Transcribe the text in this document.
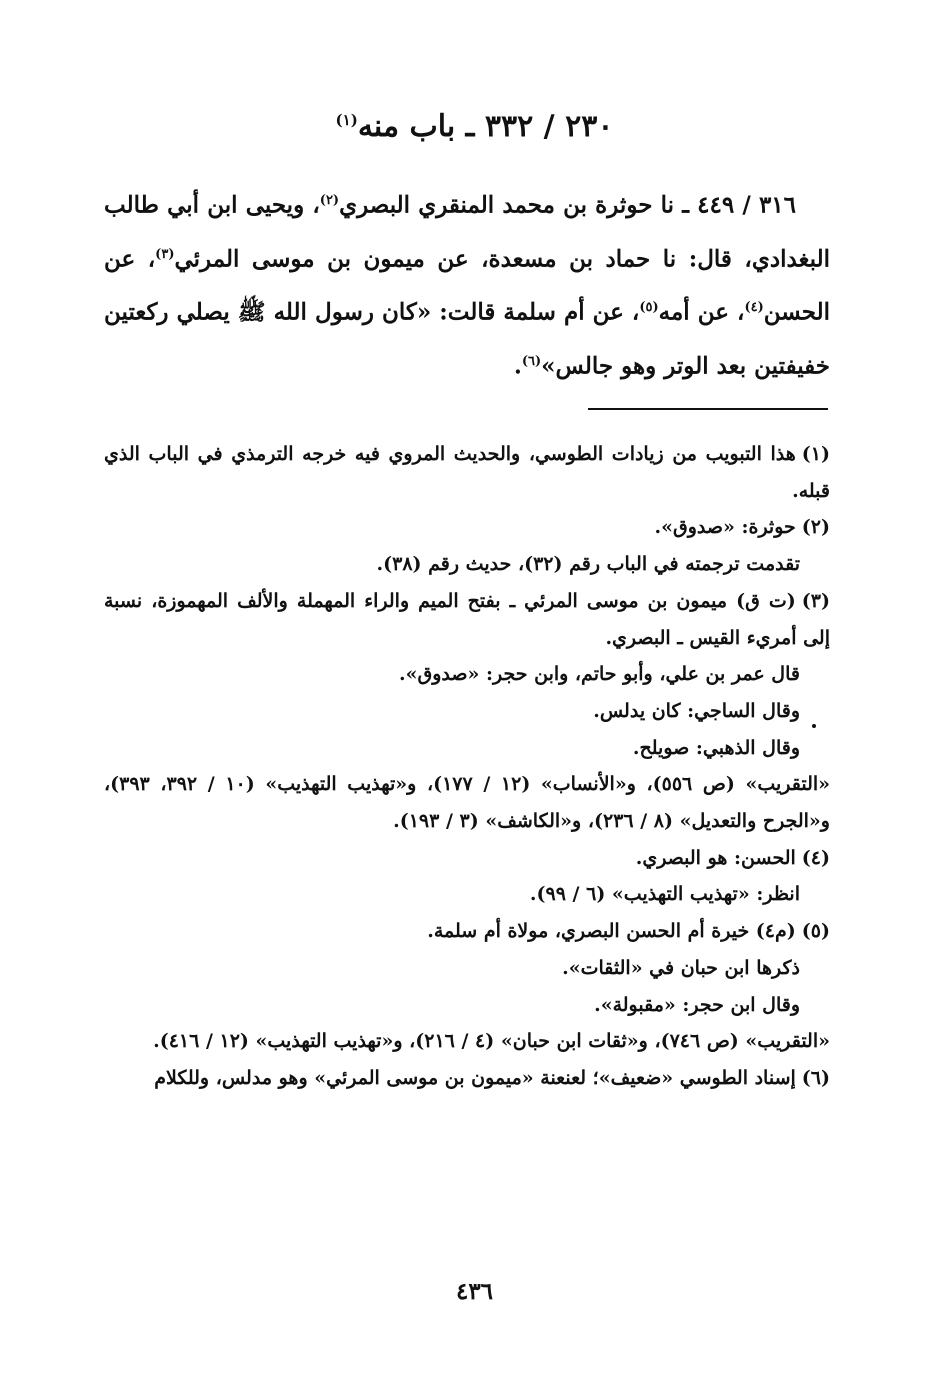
٢٣٠ / ٣٣٢ ـ باب منه$^{(١)}$
٣١٦ / ٤٤٩ ـ نا حوثرة بن محمد المنقري البصري$^{(٢)}$، ويحيى ابن أبي طالب البغدادي، قال: نا حماد بن مسعدة، عن ميمون بن موسى المرئي$^{(٣)}$، عن الحسن$^{(٤)}$، عن أمه$^{(٥)}$، عن أم سلمة قالت: «كان رسول الله ﷺ يصلي ركعتين خفيفتين بعد الوتر وهو جالس»$^{(٦)}$.

(١)هذا التبويب من زيادات الطوسي، والحديث المروي فيه خرجه الترمذي في الباب الذي قبله.

(٢)حوثرة: «صدوق».

تقدمت ترجمته في الباب رقم (٣٢)، حديث رقم (٣٨).

(٣)(ت ق) ميمون بن موسى المرئي ـ بفتح الميم والراء المهملة والألف المهموزة، نسبة إلى أمريء القيس ـ البصري.

قال عمر بن علي، وأبو حاتم، وابن حجر: «صدوق».

وقال الساجي: كان يدلس.

وقال الذهبي: صويلح.

«التقريب» (ص ٥٥٦)، و«الأنساب» (١٢ / ١٧٧)، و«تهذيب التهذيب» (١٠ / ٣٩٢، ٣٩٣)، و«الجرح والتعديل» (٨ / ٢٣٦)، و«الكاشف» (٣ / ١٩٣).

(٤)الحسن: هو البصري.

انظر: «تهذيب التهذيب» (٦ / ٩٩).

(٥)(م٤) خيرة أم الحسن البصري، مولاة أم سلمة.

ذكرها ابن حبان في «الثقات».

وقال ابن حجر: «مقبولة».

«التقريب» (ص ٧٤٦)، و«ثقات ابن حبان» (٤ / ٢١٦)، و«تهذيب التهذيب» (١٢ / ٤١٦).

(٦)إسناد الطوسي «ضعيف»؛ لعنعنة «ميمون بن موسى المرئي» وهو مدلس، وللكلام

٤٣٦
